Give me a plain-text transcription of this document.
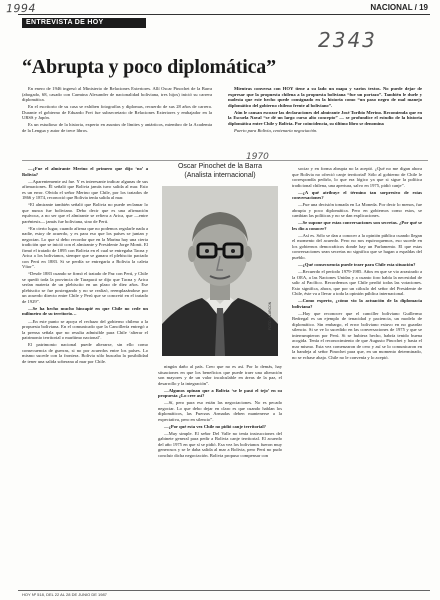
1994
2343
1970
NACIONAL / 19
ENTREVISTA DE HOY
“Abrupta y poco diplomática”

En enero de 1946 ingresó al Ministerio de Relaciones Exteriores. Allí Oscar Pinochet de la Barra (abogado, 68, casado con Carmina Alexander de nacionalidad boliviana, tres hijos) inició su carrera diplomática.

En el escritorio de su casa se exhiben fotografías y diplomas, recuerdo de sus 28 años de carrera. Durante el gobierno de Eduardo Frei fue subsecretario de Relaciones Exteriores y embajador en la URSS y Japón.

Es un estudioso de la historia, experto en asuntos de límites y antárticos, miembro de la Academia de la Lengua y autor de trece libros.

Mientras conversa con HOY tiene a su lado un mapa y varios textos. No puede dejar de expresar que la propuesta chilena a la propuesta boliviana “fue un portazo”. También le duele y molesta que este hecho quede consignado en la historia como “un paso negro de mal manejo diplomático del gobierno chileno frente al boliviano”.

Aún le causan escozor las declaraciones del almirante José Toribio Merino. Recomienda que en la Escuela Naval “se dé un largo curso alto concepto” — se profundice el estudio de la historia diplomática entre Chile y Bolivia. Por coincidencia, su último libro se denomina

Puerto para Bolivia, centenaria negociación.

—¿Fue el almirante Merino el primero que dijo ‘no’ a Bolivia?

—Aparentemente así fue. Y es interesante indicar algunas de sus afirmaciones. Él señaló que Bolivia jamás tuvo salida al mar. Esto es un error. Olvida el señor Merino que Chile, por los tratados de 1866 y 1874, reconoció que Bolivia tenía salida al mar.

“El almirante también señaló que Bolivia no puede reclamar lo que nunca fue boliviano. Debo decir que es una afirmación equívoca, a no ser que el almirante se refiera a Arica, que —entre paréntesis— jamás fue boliviana, sino de Perú.

“En cierto lugar, cuando afirma que no podemos regalarle nada a nadie, estoy de acuerdo, y es para eso que los países se juntan y negocian. Lo que sí debo recordar que en la Marina hay una cierta tradición que se inició con el almirante y Presidente Jorge Montt. El firmó el tratado de 1895 con Bolivia en el cual se entregaba Tacna y Arica a los bolivianos, siempre que se ganara el plebiscito pactado con Perú en 1883. Si se perdía se entregaría a Bolivia la caleta Vítor”.

“Desde 1883 cuando se firmó el tratado de Paz con Perú, y Chile se quedó toda la provincia de Tarapacá se dijo que Tacna y Arica serían materia de un plebiscito en un plazo de diez años. Ese plebiscito se fue postergando y no se realizó, reemplazándose por un acuerdo directo entre Chile y Perú que se concretó en el tratado de 1929”.

—Se ha hecho mucho hincapié en que Chile no cede un milímetro de su territorio…

—En este punto se apoya el rechazo del gobierno chileno a la propuesta boliviana. En el comunicado que la Cancillería entregó a la prensa señala que no resulta admisible para Chile ‘alterar el patrimonio territorial o marítimo nacional’.

El patrimonio nacional puede alterarse, sin ello como consecuencia de guerras, si no por acuerdos entre los países. Lo mismo sucede con la frontera. Bolivia sólo buscaba la posibilidad de tener una salida soberana al mar por Chile.

Oscar Pinochet de la Barra
(Analista internacional)
FOTO: ALARCON

ningún daño al país. Creo que no es así. Por lo demás, hay situaciones en que los beneficios que puede traer una alteración son mayores y de un valor incalculable en áreas de la paz, el desarrollo y la integración”.

—Algunos opinan que a Bolivia ‘se le pasó el tejo’ en su propuesta ¿Lo cree así?

—Sí, pero para eso están las negociaciones. No es pecado negociar. Lo que debo dejar en claro es que cuando hablan los diplomáticos, las Fuerzas Armadas deben mantenerse a la expectativa, pero en silencio”.

—¿Por qué esta vez Chile no pidió canje territorial?

—Muy simple. El señor Del Valle no tenía instrucciones del gabinete general para pedir a Bolivia canje territorial. El acuerdo del año 1975 en que sí se pidió. Esa vez los bolivianos fueron muy generosos y se le daba salida al mar a Bolivia, pero Perú no pudo concluir dicha negociación. Bolivia propuso compensar con

sociar y en forma abrupta no la aceptó. ¿Qué no me digan ahora que Bolivia no ofreció canje territorial! Sólo al gobierno de Chile le correspondía pedirlo, lo que era lógico ya que si sigue la política tradicional chilena, una apertura, salvo en 1975, pidió canje”.

—¿A qué atribuye el término tan sorpresivo de estas conversaciones?

—Fue una decisión tomada en La Moneda. Por decir lo menos, fue abrupta y poco diplomática. Pero en gobiernos como estos, se cambian las políticas y no se dan explicaciones.

—Se supone que estas conversaciones son secretas. ¿Por qué se les dio a conocer?

—Así es. Sólo se dan a conocer a la opinión pública cuando llegan el momento del acuerdo. Pero no nos equivoquemos, eso sucede en los gobiernos democráticos donde hay un Parlamento. El que estas conversaciones sean secretas no significa que se hagan a espaldas del pueblo.

—¿Qué consecuencia puede traer para Chile esta situación?

—Recuerdo el período 1979-1985. Años en que se vio arrastrado a la OEA, a las Naciones Unidas y a cuanto foro había la necesidad de salir al Pacífico. Recordemos que Chile perdió todas las votaciones. Esto significa, ahora, que por un cálculo del señor del Presidente de Chile, éste va a llevar a toda la opinión pública internacional.

—Como experto, ¿cómo vio la actuación de la diplomacia boliviana?

—Hay que reconocer que el canciller boliviano Guillermo Bedregal es un ejemplo de tenacidad y paciencia, un modelo de diplomático. Sin embargo, el error boliviano estuvo en no guardar silencio. Si se ve lo sucedido en las conversaciones de 1975 y que se interrumpieron por Perú. Si se hubiera hecho, habría tenido buena acogida. Tenía el reconocimiento de que Augusto Pinochet y hasta el mar mismo. Esta vez comenzaron de cero y así se lo comunicaron en la bandeja al señor Pinochet para que, en un momento determinado, no se echase abajo. Chile no le convenía y lo aceptó.

HOY Nº 518, DEL 22 AL 28 DE JUNIO DE 1987
